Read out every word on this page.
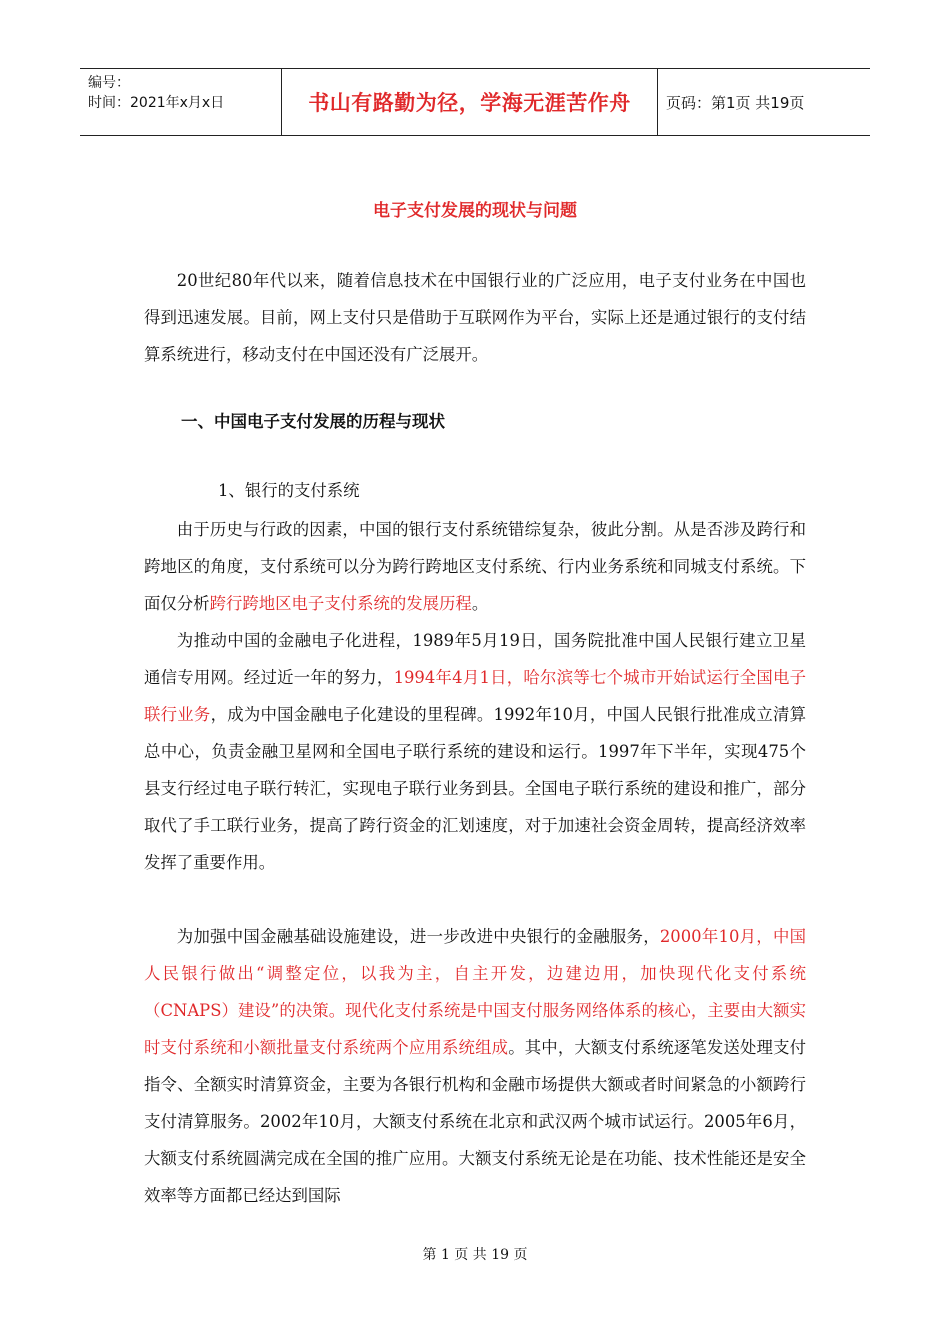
编号：
时间：2021年x月x日	书山有路勤为径，学海无涯苦作舟 页码：第1页 共19页
电子支付发展的现状与问题

20世纪80年代以来，随着信息技术在中国银行业的广泛应用，电子支付业务在中国也得到迅速发展。目前，网上支付只是借助于互联网作为平台，实际上还是通过银行的支付结算系统进行，移动支付在中国还没有广泛展开。

一、中国电子支付发展的历程与现状
1、银行的支付系统

由于历史与行政的因素，中国的银行支付系统错综复杂，彼此分割。从是否涉及跨行和跨地区的角度，支付系统可以分为跨行跨地区支付系统、行内业务系统和同城支付系统。下面仅分析跨行跨地区电子支付系统的发展历程。

为推动中国的金融电子化进程，1989年5月19日，国务院批准中国人民银行建立卫星通信专用网。经过近一年的努力，1994年4月1日，哈尔滨等七个城市开始试运行全国电子联行业务，成为中国金融电子化建设的里程碑。1992年10月，中国人民银行批准成立清算总中心，负责金融卫星网和全国电子联行系统的建设和运行。1997年下半年，实现475个县支行经过电子联行转汇，实现电子联行业务到县。全国电子联行系统的建设和推广，部分取代了手工联行业务，提高了跨行资金的汇划速度，对于加速社会资金周转，提高经济效率发挥了重要作用。

为加强中国金融基础设施建设，进一步改进中央银行的金融服务，2000年10月，中国人民银行做出“调整定位，以我为主，自主开发，边建边用，加快现代化支付系统（CNAPS）建设”的决策。现代化支付系统是中国支付服务网络体系的核心，主要由大额实时支付系统和小额批量支付系统两个应用系统组成。其中，大额支付系统逐笔发送处理支付指令、全额实时清算资金，主要为各银行机构和金融市场提供大额或者时间紧急的小额跨行支付清算服务。2002年10月，大额支付系统在北京和武汉两个城市试运行。2005年6月，大额支付系统圆满完成在全国的推广应用。大额支付系统无论是在功能、技术性能还是安全效率等方面都已经达到国际

第 1 页 共 19 页
